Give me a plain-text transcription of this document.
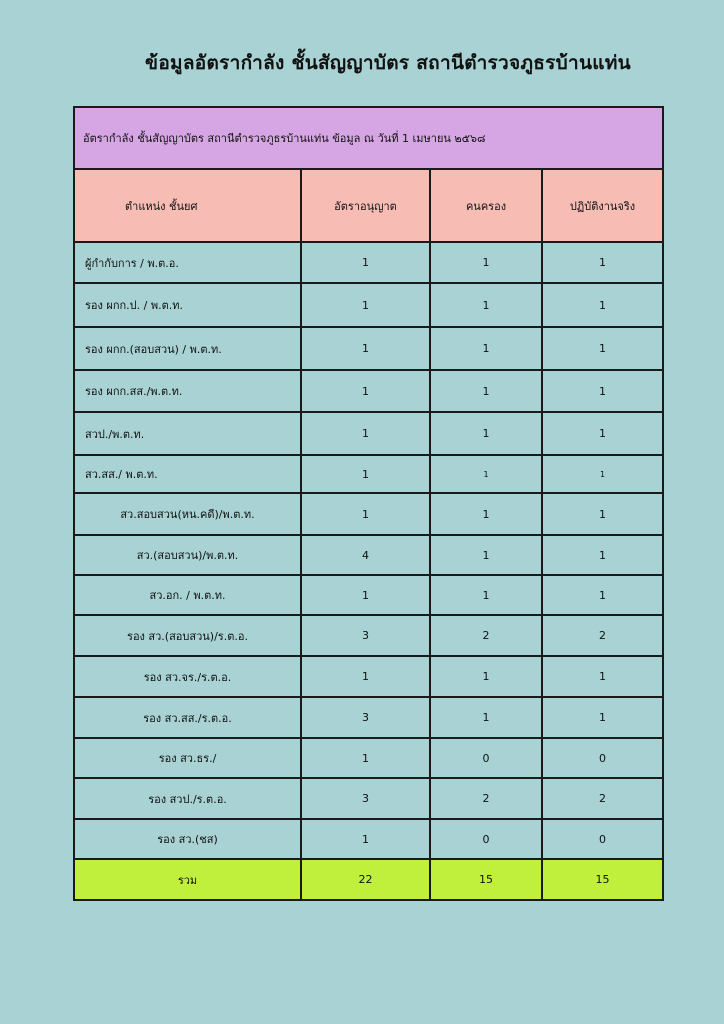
ข้อมูลอัตรากำลัง ชั้นสัญญาบัตร สถานีตำรวจภูธรบ้านแท่น
อัตรากำลัง ชั้นสัญญาบัตร สถานีตำรวจภูธรบ้านแท่น ข้อมูล ณ วันที่ 1 เมษายน ๒๕๖๘			
ตำแหน่ง ชั้นยศ	อัตราอนุญาต	คนครอง	ปฏิบัติงานจริง
ผู้กำกับการ / พ.ต.อ.	1	1	1
รอง ผกก.ป. / พ.ต.ท.	1	1	1
รอง ผกก.(สอบสวน) / พ.ต.ท.	1	1	1
รอง ผกก.สส./พ.ต.ท.	1	1	1
สวป./พ.ต.ท.	1	1	1
สว.สส./ พ.ต.ท.	1	1	1
สว.สอบสวน(หน.คดี)/พ.ต.ท.	1	1	1
สว.(สอบสวน)/พ.ต.ท.	4	1	1
สว.อก. / พ.ต.ท.	1	1	1
รอง สว.(สอบสวน)/ร.ต.อ.	3	2	2
รอง สว.จร./ร.ต.อ.	1	1	1
รอง สว.สส./ร.ต.อ.	3	1	1
รอง สว.ธร./	1	0	0
รอง สวป./ร.ต.อ.	3	2	2
รอง สว.(ชส)	1	0	0
รวม	22	15	15
